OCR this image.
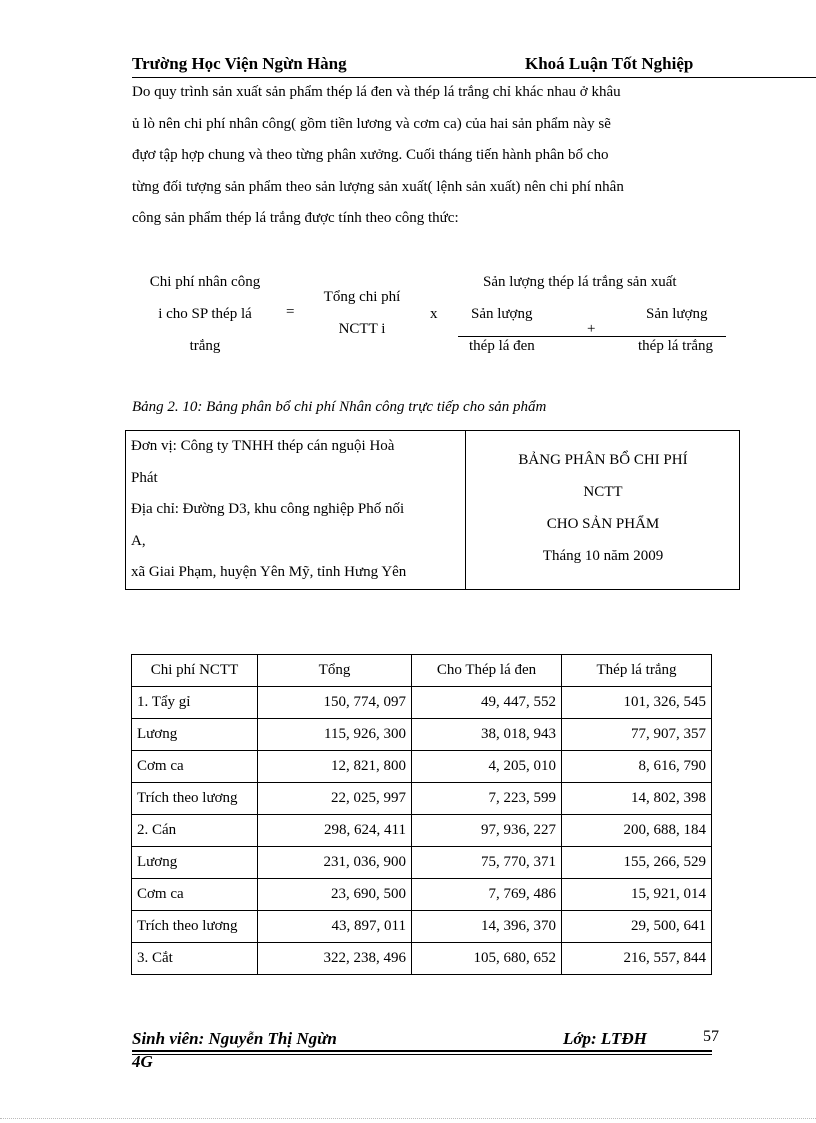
Trường Học Viện Ngừn Hàng	Khoá Luận Tốt Nghiệp
Do quy trình sản xuất sản phẩm thép lá đen và thép lá trắng chỉ khác nhau ở khâu
ủ lò nên chi phí nhân công( gồm tiền lương và cơm ca) của hai sản phẩm này sẽ
đựơ tập hợp chung và theo từng phân xưởng. Cuối tháng tiến hành phân bổ cho
từng đối tượng sản phẩm theo sản lượng sản xuất( lệnh sản xuất) nên chi phí nhân
công sản phẩm thép lá trắng được tính theo công thức:
Chi phí nhân công
i cho SP thép lá
trắng
=
Tổng chi phí
NCTT i
x
Sản lượng thép lá trắng sản xuất
Sản lượng
+
Sản lượng
thép lá đen	thép lá trắng
Bảng 2. 10: Bảng phân bổ chi phí Nhân công trực tiếp cho sản phẩm
Đơn vị: Công ty TNHH thép cán nguội Hoà
Phát
Địa chỉ: Đường D3, khu công nghiệp Phố nối
A,
xã Giai Phạm, huyện Yên Mỹ, tỉnh Hưng Yên
BẢNG PHÂN BỔ CHI PHÍ
NCTT
CHO SẢN PHẨM
Tháng 10 năm 2009
Chi phí NCTT	Tổng	Cho Thép lá đen	Thép lá trắng
1. Tẩy gỉ	150, 774, 097	49, 447, 552	101, 326, 545
Lương	115, 926, 300	38, 018, 943	77, 907, 357
Cơm ca	12, 821, 800	4, 205, 010	8, 616, 790
Trích theo lương	22, 025, 997	7, 223, 599	14, 802, 398
2. Cán	298, 624, 411	97, 936, 227	200, 688, 184
Lương	231, 036, 900	75, 770, 371	155, 266, 529
Cơm ca	23, 690, 500	7, 769, 486	15, 921, 014
Trích theo lương	43, 897, 011	14, 396, 370	29, 500, 641
3. Cắt	322, 238, 496	105, 680, 652	216, 557, 844
Sinh viên: Nguyễn Thị Ngừn
4G
Lớp: LTĐH	57
